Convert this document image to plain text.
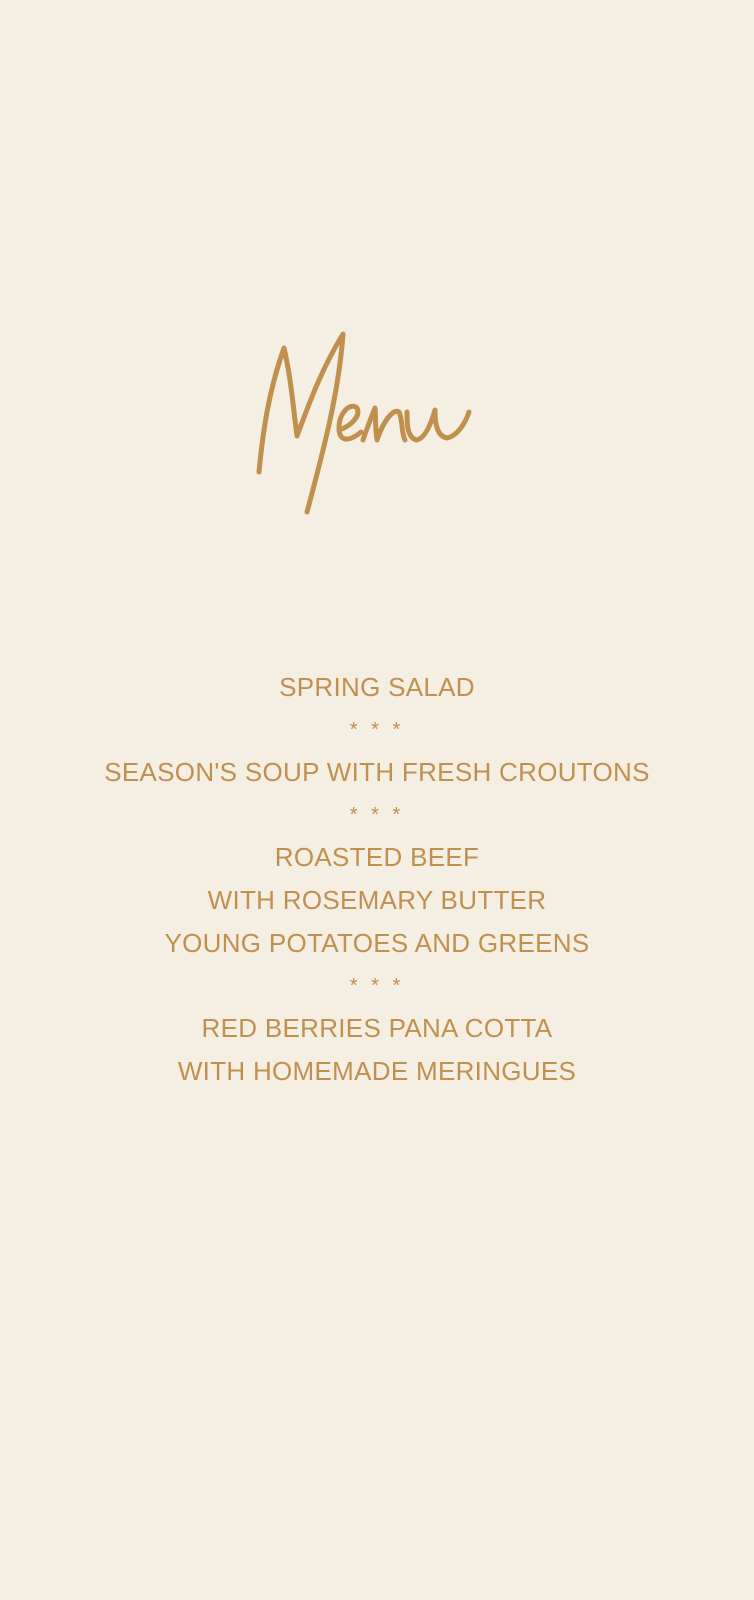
SPRING SALAD
* * *
SEASON'S SOUP WITH FRESH CROUTONS
* * *
ROASTED BEEF
WITH ROSEMARY BUTTER
YOUNG POTATOES AND GREENS
* * *
RED BERRIES PANA COTTA
WITH HOMEMADE MERINGUES
